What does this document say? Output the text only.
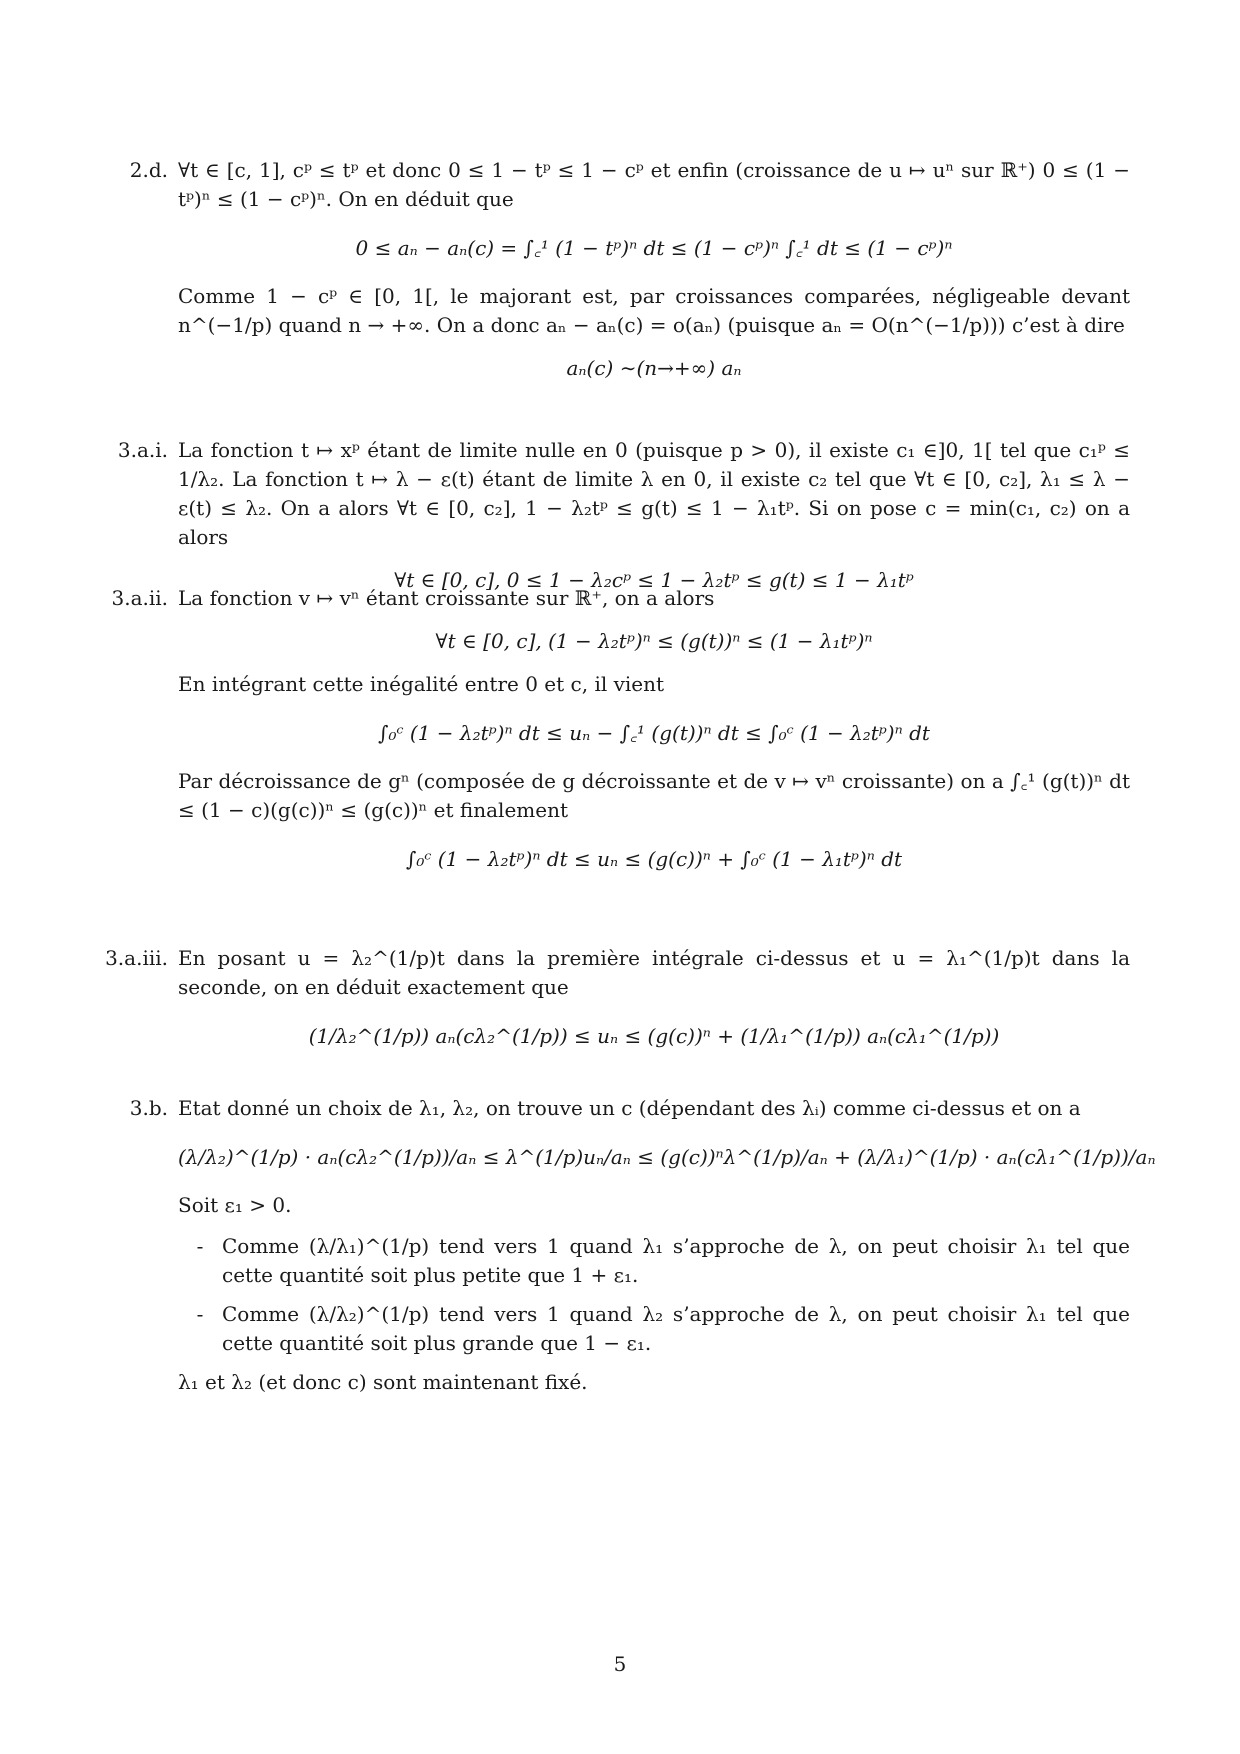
2.d. ∀t ∈ [c, 1], cᵖ ≤ tᵖ et donc 0 ≤ 1 − tᵖ ≤ 1 − cᵖ et enfin (croissance de u ↦ uⁿ sur ℝ⁺) 0 ≤ (1 − tᵖ)ⁿ ≤ (1 − cᵖ)ⁿ. On en déduit que

0 ≤ aₙ − aₙ(c) = ∫꜀¹ (1 − tᵖ)ⁿ dt ≤ (1 − cᵖ)ⁿ ∫꜀¹ dt ≤ (1 − cᵖ)ⁿ

Comme 1 − cᵖ ∈ [0, 1[, le majorant est, par croissances comparées, négligeable devant n^(−1/p) quand n → +∞. On a donc aₙ − aₙ(c) = o(aₙ) (puisque aₙ = O(n^(−1/p))) c’est à dire

aₙ(c) ∼(n→+∞) aₙ
3.a.i. La fonction t ↦ xᵖ étant de limite nulle en 0 (puisque p > 0), il existe c₁ ∈]0, 1[ tel que c₁ᵖ ≤ 1/λ₂. La fonction t ↦ λ − ε(t) étant de limite λ en 0, il existe c₂ tel que ∀t ∈ [0, c₂], λ₁ ≤ λ − ε(t) ≤ λ₂. On a alors ∀t ∈ [0, c₂], 1 − λ₂tᵖ ≤ g(t) ≤ 1 − λ₁tᵖ. Si on pose c = min(c₁, c₂) on a alors

∀t ∈ [0, c], 0 ≤ 1 − λ₂cᵖ ≤ 1 − λ₂tᵖ ≤ g(t) ≤ 1 − λ₁tᵖ
3.a.ii. La fonction v ↦ vⁿ étant croissante sur ℝ⁺, on a alors

∀t ∈ [0, c], (1 − λ₂tᵖ)ⁿ ≤ (g(t))ⁿ ≤ (1 − λ₁tᵖ)ⁿ

En intégrant cette inégalité entre 0 et c, il vient

∫₀ᶜ (1 − λ₂tᵖ)ⁿ dt ≤ uₙ − ∫꜀¹ (g(t))ⁿ dt ≤ ∫₀ᶜ (1 − λ₂tᵖ)ⁿ dt

Par décroissance de gⁿ (composée de g décroissante et de v ↦ vⁿ croissante) on a ∫꜀¹ (g(t))ⁿ dt ≤ (1 − c)(g(c))ⁿ ≤ (g(c))ⁿ et finalement

∫₀ᶜ (1 − λ₂tᵖ)ⁿ dt ≤ uₙ ≤ (g(c))ⁿ + ∫₀ᶜ (1 − λ₁tᵖ)ⁿ dt
3.a.iii. En posant u = λ₂^(1/p)t dans la première intégrale ci-dessus et u = λ₁^(1/p)t dans la seconde, on en déduit exactement que

(1/λ₂^(1/p)) aₙ(cλ₂^(1/p)) ≤ uₙ ≤ (g(c))ⁿ + (1/λ₁^(1/p)) aₙ(cλ₁^(1/p))
3.b. Etat donné un choix de λ₁, λ₂, on trouve un c (dépendant des λᵢ) comme ci-dessus et on a

(λ/λ₂)^(1/p) · aₙ(cλ₂^(1/p))/aₙ ≤ λ^(1/p)uₙ/aₙ ≤ (g(c))ⁿλ^(1/p)/aₙ + (λ/λ₁)^(1/p) · aₙ(cλ₁^(1/p))/aₙ

Soit ε₁ > 0.

- Comme (λ/λ₁)^(1/p) tend vers 1 quand λ₁ s’approche de λ, on peut choisir λ₁ tel que cette quantité soit plus petite que 1 + ε₁.
- Comme (λ/λ₂)^(1/p) tend vers 1 quand λ₂ s’approche de λ, on peut choisir λ₁ tel que cette quantité soit plus grande que 1 − ε₁.

λ₁ et λ₂ (et donc c) sont maintenant fixé.

5
